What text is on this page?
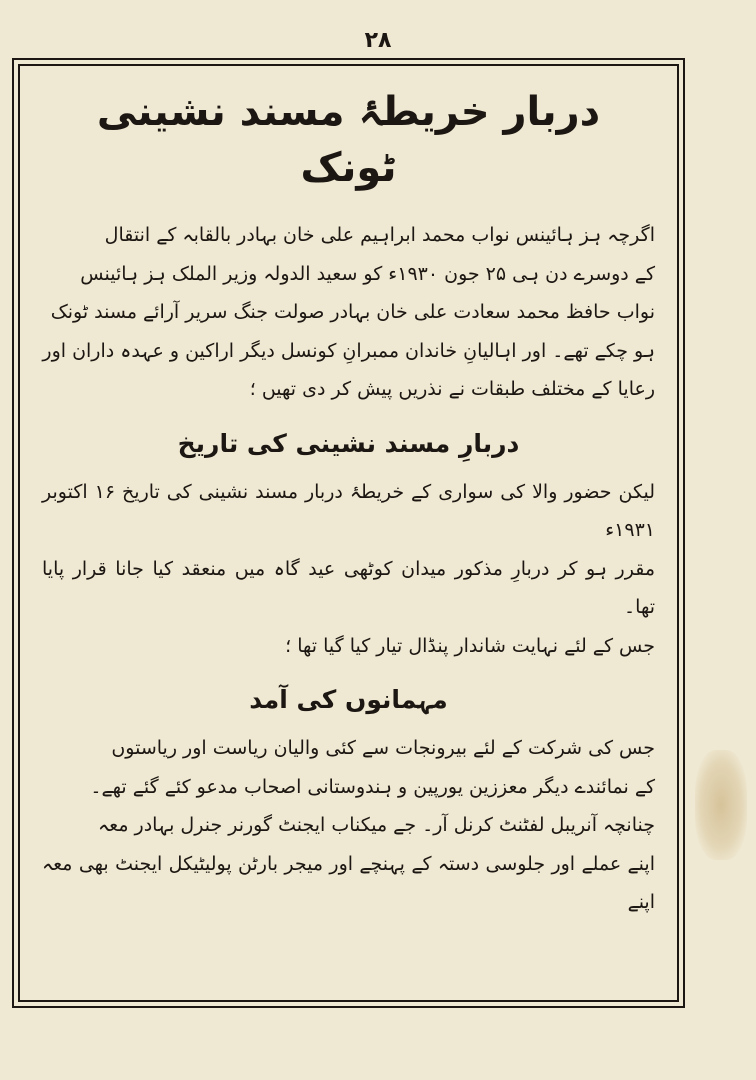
۲۸
دربار خریطۂ مسند نشینی ٹونک

اگرچہ ہز ہائینس نواب محمد ابراہیم علی خان بہادر بالقابہ کے انتقال
کے دوسرے دن ہی ۲۵ جون ۱۹۳۰ء کو سعید الدولہ وزیر الملک ہز ہائینس
نواب حافظ محمد سعادت علی خان بہادر صولت جنگ سریر آرائے مسند ٹونک
ہو چکے تھے۔ اور اہالیانِ خاندان ممبرانِ کونسل دیگر اراکین و عہدہ داران اور
رعایا کے مختلف طبقات نے نذریں پیش کر دی تھیں ؛

دربارِ مسند نشینی کی تاریخ

لیکن حضور والا کی سواری کے خریطۂ دربار مسند نشینی کی تاریخ ۱۶ اکتوبر ۱۹۳۱ء
مقرر ہو کر دربارِ مذکور میدان کوٹھی عید گاہ میں منعقد کیا جانا قرار پایا تھا۔
جس کے لئے نہایت شاندار پنڈال تیار کیا گیا تھا ؛

مہمانوں کی آمد

جس کی شرکت کے لئے بیرونجات سے کئی والیان ریاست اور ریاستوں
کے نمائندے دیگر معززین یورپین و ہندوستانی اصحاب مدعو کئے گئے تھے۔
چنانچہ آنریبل لفٹنٹ کرنل آر۔ جے میکناب ایجنٹ گورنر جنرل بہادر معہ
اپنے عملے اور جلوسی دستہ کے پہنچے اور میجر بارٹن پولیٹیکل ایجنٹ بھی معہ اپنے
